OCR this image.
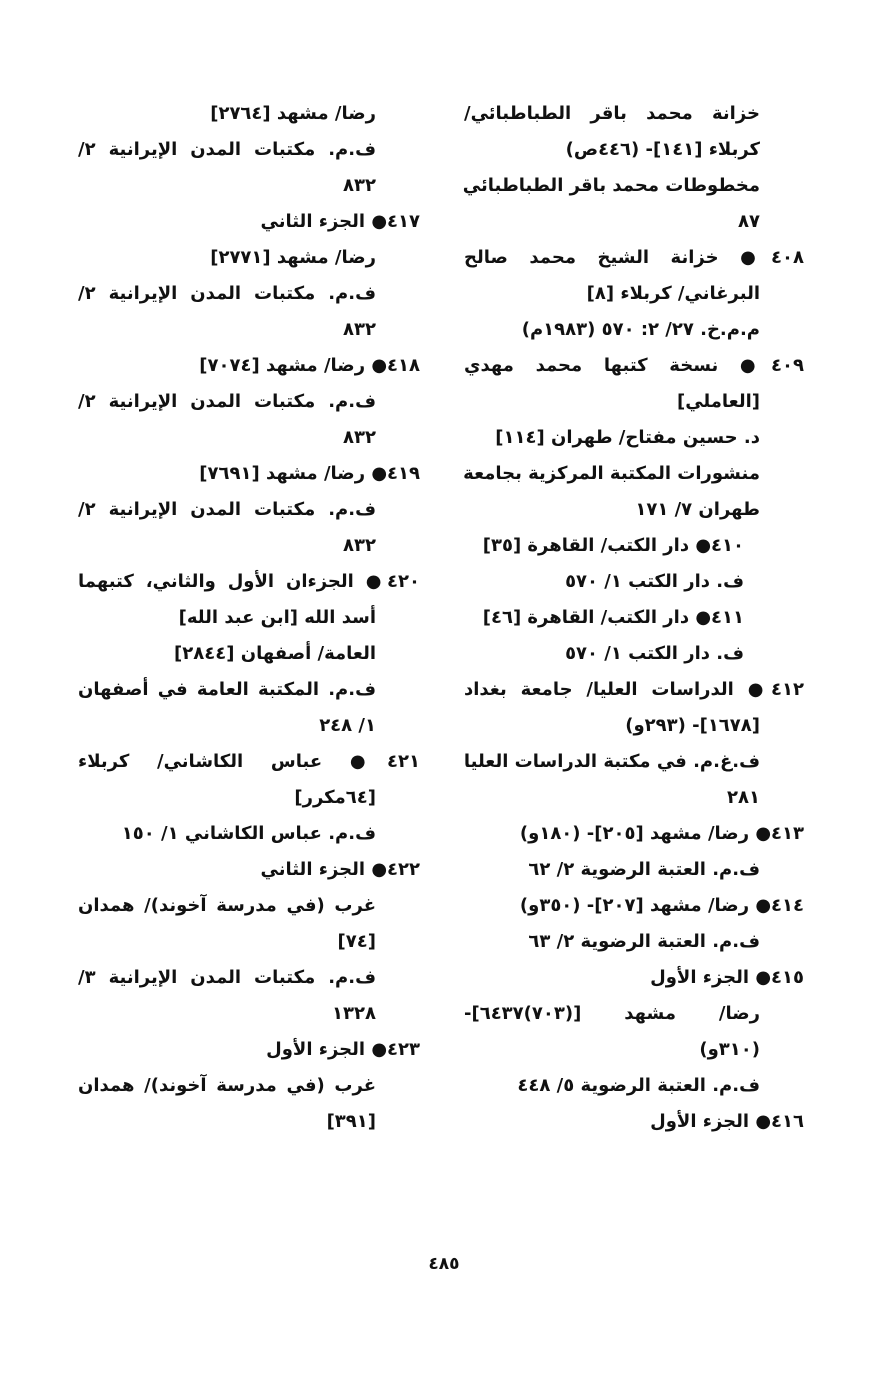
خزانة محمد باقر الطباطبائي/
كربلاء [١٤١]- (٤٤٦ص)
مخطوطات محمد باقر الطباطبائي
٨٧
٤٠٨● خزانة الشيخ محمد صالح
البرغاني/ كربلاء [٨]
م.م.خ. ٢٧/ ٢: ٥٧٠ (١٩٨٣م)
٤٠٩● نسخة كتبها محمد مهدي
[العاملي]
د. حسين مفتاح/ طهران [١١٤]
منشورات المكتبة المركزية بجامعة
طهران ٧/ ١٧١
٤١٠● دار الكتب/ القاهرة [٣٥]
ف. دار الكتب ١/ ٥٧٠
٤١١● دار الكتب/ القاهرة [٤٦]
ف. دار الكتب ١/ ٥٧٠
٤١٢● الدراسات العليا/ جامعة بغداد
[١٦٧٨]- (٢٩٣و)
ف.غ.م. في مكتبة الدراسات العليا
٢٨١
٤١٣● رضا/ مشهد [٢٠٥]- (١٨٠و)
ف.م. العتبة الرضوية ٢/ ٦٢
٤١٤● رضا/ مشهد [٢٠٧]- (٣٥٠و)
ف.م. العتبة الرضوية ٢/ ٦٣
٤١٥● الجزء الأول
رضا/ مشهد [(٧٠٣)٦٤٣٧]-
(٣١٠و)
ف.م. العتبة الرضوية ٥/ ٤٤٨
٤١٦● الجزء الأول
رضا/ مشهد [٢٧٦٤]
ف.م. مكتبات المدن الإيرانية ٢/
٨٣٢
٤١٧● الجزء الثاني
رضا/ مشهد [٢٧٧١]
ف.م. مكتبات المدن الإيرانية ٢/
٨٣٢
٤١٨● رضا/ مشهد [٧٠٧٤]
ف.م. مكتبات المدن الإيرانية ٢/
٨٣٢
٤١٩● رضا/ مشهد [٧٦٩١]
ف.م. مكتبات المدن الإيرانية ٢/
٨٣٢
٤٢٠● الجزءان الأول والثاني، كتبهما
أسد الله [ابن عبد الله]
العامة/ أصفهان [٢٨٤٤]
ف.م. المكتبة العامة في أصفهان
١/ ٢٤٨
٤٢١● عباس الكاشاني/ كربلاء
[٦٤مكرر]
ف.م. عباس الكاشاني ١/ ١٥٠
٤٢٢● الجزء الثاني
غرب (في مدرسة آخوند)/ همدان
[٧٤]
ف.م. مكتبات المدن الإيرانية ٣/
١٣٢٨
٤٢٣● الجزء الأول
غرب (في مدرسة آخوند)/ همدان
[٣٩١]
٤٨٥
